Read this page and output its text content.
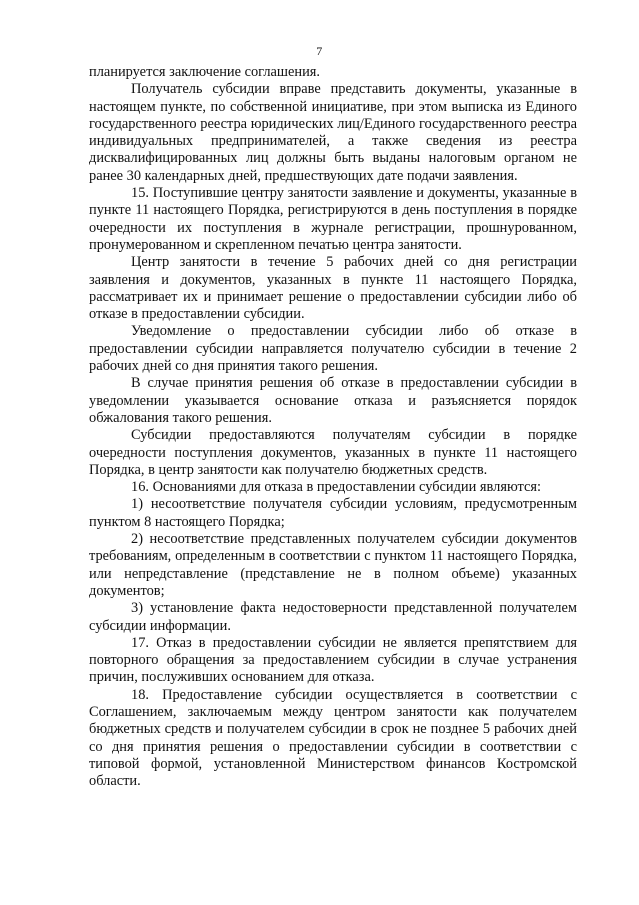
7

планируется заключение соглашения.

Получатель субсидии вправе представить документы, указанные в настоящем пункте, по собственной инициативе, при этом выписка из Единого государственного реестра юридических лиц/Единого государственного реестра индивидуальных предпринимателей, а также сведения из реестра дисквалифицированных лиц должны быть выданы налоговым органом не ранее 30 календарных дней, предшествующих дате подачи заявления.

15. Поступившие центру занятости заявление и документы, указанные в пункте 11 настоящего Порядка, регистрируются в день поступления в порядке очередности их поступления в журнале регистрации, прошнурованном, пронумерованном и скрепленном печатью центра занятости.

Центр занятости в течение 5 рабочих дней со дня регистрации заявления и документов, указанных в пункте 11 настоящего Порядка, рассматривает их и принимает решение о предоставлении субсидии либо об отказе в предоставлении субсидии.

Уведомление о предоставлении субсидии либо об отказе в предоставлении субсидии направляется получателю субсидии в течение 2 рабочих дней со дня принятия такого решения.

В случае принятия решения об отказе в предоставлении субсидии в уведомлении указывается основание отказа и разъясняется порядок обжалования такого решения.

Субсидии предоставляются получателям субсидии в порядке очередности поступления документов, указанных в пункте 11 настоящего Порядка, в центр занятости как получателю бюджетных средств.

16. Основаниями для отказа в предоставлении субсидии являются:

1) несоответствие получателя субсидии условиям, предусмотренным пунктом 8 настоящего Порядка;

2) несоответствие представленных получателем субсидии документов требованиям, определенным в соответствии с пунктом 11 настоящего Порядка, или непредставление (представление не в полном объеме) указанных документов;

3) установление факта недостоверности представленной получателем субсидии информации.

17. Отказ в предоставлении субсидии не является препятствием для повторного обращения за предоставлением субсидии в случае устранения причин, послуживших основанием для отказа.

18. Предоставление субсидии осуществляется в соответствии с Соглашением, заключаемым между центром занятости как получателем бюджетных средств и получателем субсидии в срок не позднее 5 рабочих дней со дня принятия решения о предоставлении субсидии в соответствии с типовой формой, установленной Министерством финансов Костромской области.
